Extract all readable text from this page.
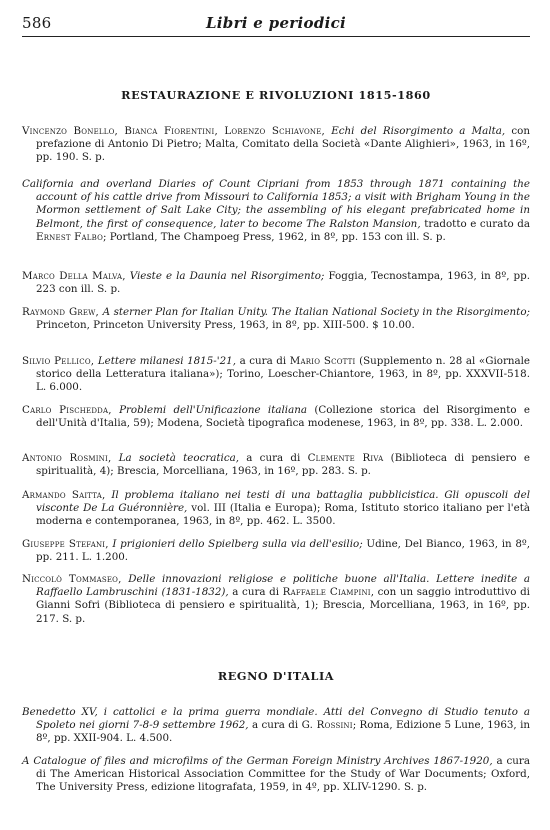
586	Libri e periodici
RESTAURAZIONE E RIVOLUZIONI 1815-1860
Vincenzo Bonello, Bianca Fiorentini, Lorenzo Schiavone, Echi del Risorgimento a Malta, con prefazione di Antonio Di Pietro; Malta, Comitato della Società «Dante Alighieri», 1963, in 16º, pp. 190. S. p.
California and overland Diaries of Count Cipriani from 1853 through 1871 containing the account of his cattle drive from Missouri to California 1853; a visit with Brigham Young in the Mormon settlement of Salt Lake City; the assembling of his elegant prefabricated home in Belmont, the first of consequence, later to become The Ralston Mansion, tradotto e curato da Ernest Falbo; Portland, The Champoeg Press, 1962, in 8º, pp. 153 con ill. S. p.
Marco Della Malva, Vieste e la Daunia nel Risorgimento; Foggia, Tecnostampa, 1963, in 8º, pp. 223 con ill. S. p.
Raymond Grew, A sterner Plan for Italian Unity. The Italian National Society in the Risorgimento; Princeton, Princeton University Press, 1963, in 8º, pp. XIII-500. $ 10.00.
Silvio Pellico, Lettere milanesi 1815-'21, a cura di Mario Scotti (Supplemento n. 28 al «Giornale storico della Letteratura italiana»); Torino, Loescher-Chiantore, 1963, in 8º, pp. XXXVII-518. L. 6.000.
Carlo Pischedda, Problemi dell'Unificazione italiana (Collezione storica del Risorgimento e dell'Unità d'Italia, 59); Modena, Società tipografica modenese, 1963, in 8º, pp. 338. L. 2.000.
Antonio Rosmini, La società teocratica, a cura di Clemente Riva (Biblioteca di pensiero e spiritualità, 4); Brescia, Morcelliana, 1963, in 16º, pp. 283. S. p.
Armando Saitta, Il problema italiano nei testi di una battaglia pubblicistica. Gli opuscoli del visconte De La Guéronnière, vol. III (Italia e Europa); Roma, Istituto storico italiano per l'età moderna e contemporanea, 1963, in 8º, pp. 462. L. 3500.
Giuseppe Stefani, I prigionieri dello Spielberg sulla via dell'esilio; Udine, Del Bianco, 1963, in 8º, pp. 211. L. 1.200.
Niccolò Tommaseo, Delle innovazioni religiose e politiche buone all'Italia. Lettere inedite a Raffaello Lambruschini (1831-1832), a cura di Raffaele Ciampini, con un saggio introduttivo di Gianni Sofri (Biblioteca di pensiero e spiritualità, 1); Brescia, Morcelliana, 1963, in 16º, pp. 217. S. p.
REGNO D'ITALIA
Benedetto XV, i cattolici e la prima guerra mondiale. Atti del Convegno di Studio tenuto a Spoleto nei giorni 7-8-9 settembre 1962, a cura di G. Rossini; Roma, Edizione 5 Lune, 1963, in 8º, pp. XXII-904. L. 4.500.
A Catalogue of files and microfilms of the German Foreign Ministry Archives 1867-1920, a cura di The American Historical Association Committee for the Study of War Documents; Oxford, The University Press, edizione litografata, 1959, in 4º, pp. XLIV-1290. S. p.
